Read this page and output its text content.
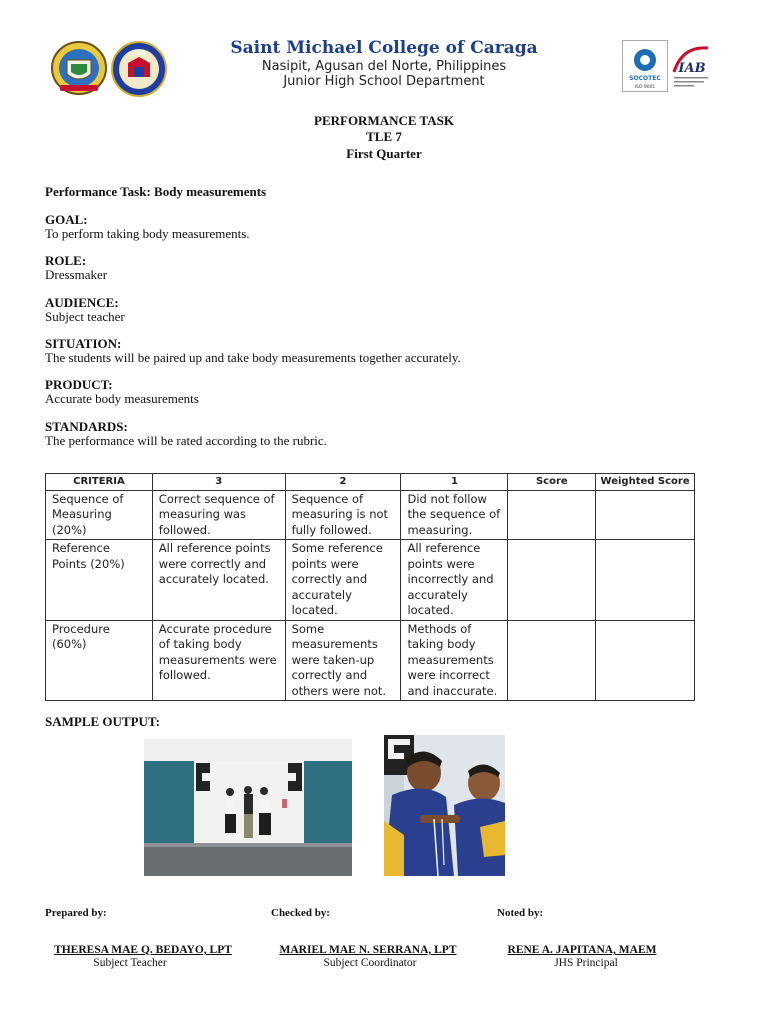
JHS	Saint Michael College of Caraga
Nasipit, Agusan del Norte, Philippines
Junior High School Department	SOCOTEC
ISO 9001
IAB
PERFORMANCE TASK
TLE 7
First Quarter
Performance Task: Body measurements
GOAL:
To perform taking body measurements.
ROLE:
Dressmaker
AUDIENCE:
Subject teacher
SITUATION:
The students will be paired up and take body measurements together accurately.
PRODUCT:
Accurate body measurements
STANDARDS:
The performance will be rated according to the rubric.
CRITERIA	3	2	1	Score	Weighted Score
Sequence of Measuring (20%)	Correct sequence of measuring was followed.	Sequence of measuring is not fully followed.	Did not follow the sequence of measuring.		
Reference Points (20%)	All reference points were correctly and accurately located.	Some reference points were correctly and accurately located.	All reference points were incorrectly and accurately located.		
Procedure (60%)	Accurate procedure of taking body measurements were followed.	Some measurements were taken-up correctly and others were not.	Methods of taking body measurements were incorrect and inaccurate.		
SAMPLE OUTPUT:
Prepared by:	Checked by:	Noted by:
THERESA MAE Q. BEDAYO, LPT	MARIEL MAE N. SERRANA, LPT	RENE A. JAPITANA, MAEM
Subject Teacher	Subject Coordinator	JHS Principal
